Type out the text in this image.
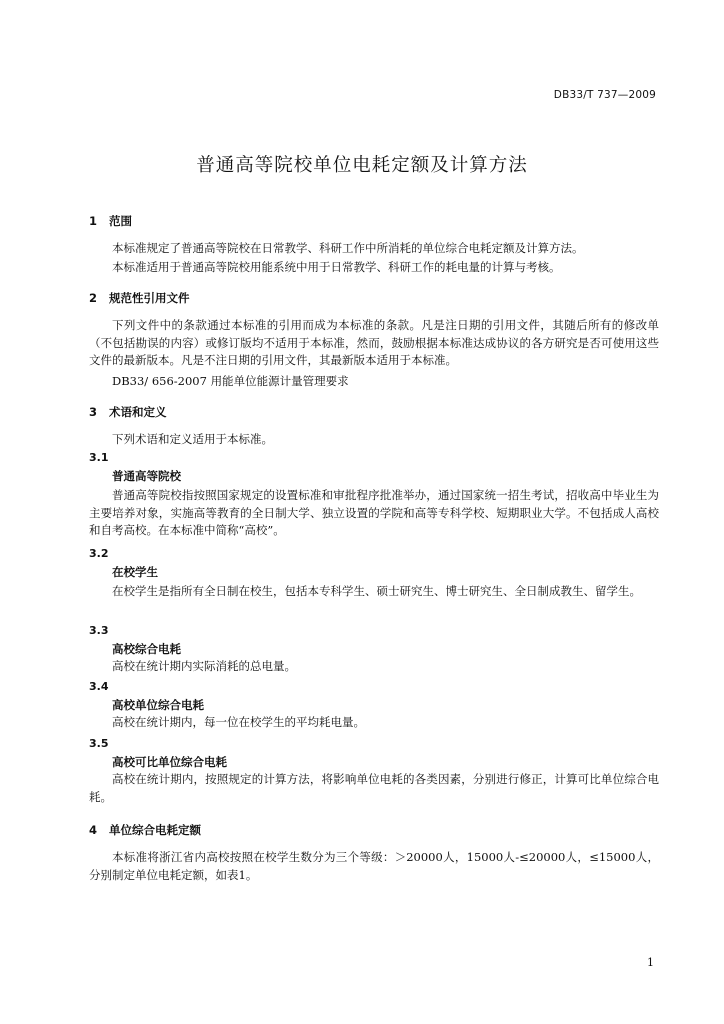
DB33/T 737—2009
普通高等院校单位电耗定额及计算方法
1 范围
本标准规定了普通高等院校在日常教学、科研工作中所消耗的单位综合电耗定额及计算方法。
本标准适用于普通高等院校用能系统中用于日常教学、科研工作的耗电量的计算与考核。
2 规范性引用文件
下列文件中的条款通过本标准的引用而成为本标准的条款。凡是注日期的引用文件，其随后所有的修改单（不包括勘误的内容）或修订版均不适用于本标准，然而，鼓励根据本标准达成协议的各方研究是否可使用这些文件的最新版本。凡是不注日期的引用文件，其最新版本适用于本标准。
DB33/ 656-2007 用能单位能源计量管理要求
3 术语和定义
下列术语和定义适用于本标准。
3.1
普通高等院校
普通高等院校指按照国家规定的设置标准和审批程序批准举办，通过国家统一招生考试，招收高中毕业生为主要培养对象，实施高等教育的全日制大学、独立设置的学院和高等专科学校、短期职业大学。不包括成人高校和自考高校。在本标准中简称“高校”。
3.2
在校学生
在校学生是指所有全日制在校生，包括本专科学生、硕士研究生、博士研究生、全日制成教生、留学生。
3.3
高校综合电耗
高校在统计期内实际消耗的总电量。
3.4
高校单位综合电耗
高校在统计期内，每一位在校学生的平均耗电量。
3.5
高校可比单位综合电耗
高校在统计期内，按照规定的计算方法，将影响单位电耗的各类因素，分别进行修正，计算可比单位综合电耗。
4 单位综合电耗定额
本标准将浙江省内高校按照在校学生数分为三个等级：＞20000人，15000人-≤20000人，≤15000人，分别制定单位电耗定额，如表1。
1
